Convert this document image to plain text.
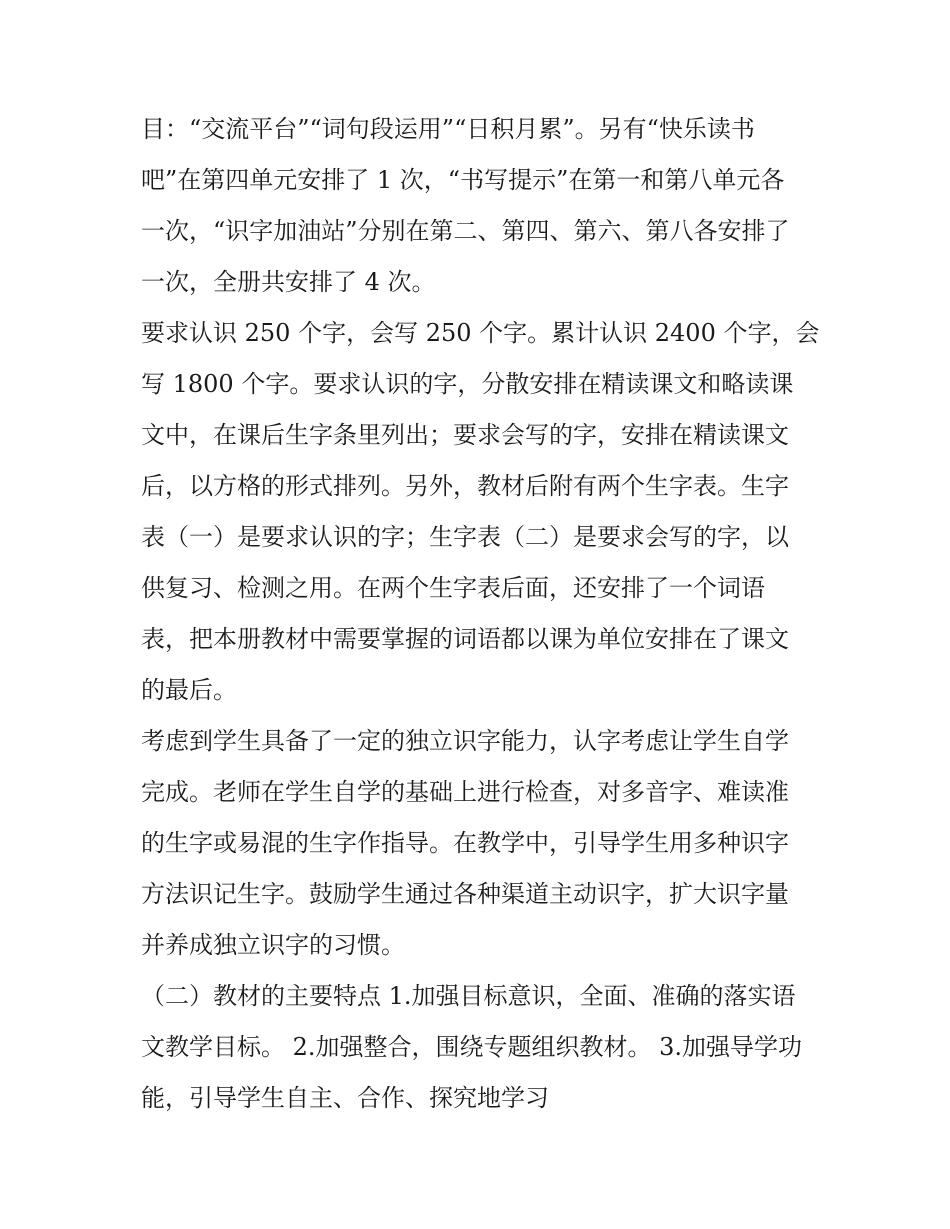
目：“交流平台”“词句段运用”“日积月累”。另有“快乐读书
吧”在第四单元安排了 1 次，“书写提示”在第一和第八单元各
一次，“识字加油站”分别在第二、第四、第六、第八各安排了
一次，全册共安排了 4 次。
要求认识 250 个字，会写 250 个字。累计认识 2400 个字，会
写 1800 个字。要求认识的字，分散安排在精读课文和略读课
文中，在课后生字条里列出；要求会写的字，安排在精读课文
后，以方格的形式排列。另外，教材后附有两个生字表。生字
表（一）是要求认识的字；生字表（二）是要求会写的字，以
供复习、检测之用。在两个生字表后面，还安排了一个词语
表，把本册教材中需要掌握的词语都以课为单位安排在了课文
的最后。
考虑到学生具备了一定的独立识字能力，认字考虑让学生自学
完成。老师在学生自学的基础上进行检查，对多音字、难读准
的生字或易混的生字作指导。在教学中，引导学生用多种识字
方法识记生字。鼓励学生通过各种渠道主动识字，扩大识字量
并养成独立识字的习惯。
（二）教材的主要特点 1.加强目标意识，全面、准确的落实语
文教学目标。 2.加强整合，围绕专题组织教材。 3.加强导学功
能，引导学生自主、合作、探究地学习
